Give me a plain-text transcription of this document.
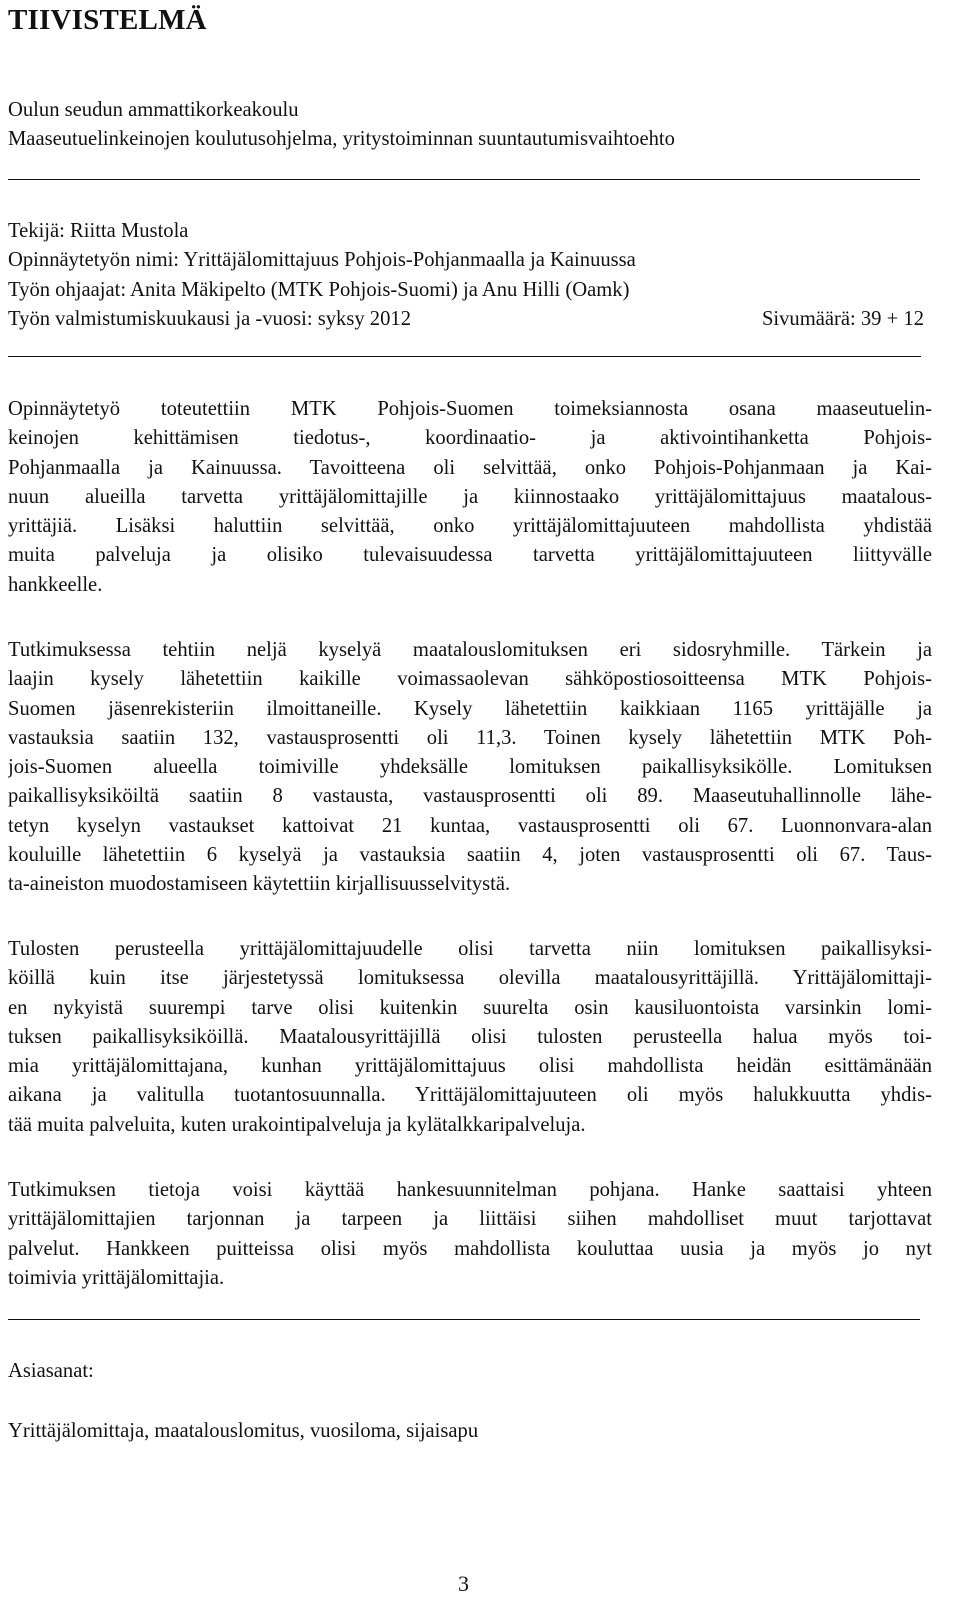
TIIVISTELMÄ
Oulun seudun ammattikorkeakoulu
Maaseutuelinkeinojen koulutusohjelma, yritystoiminnan suuntautumisvaihtoehto
Tekijä: Riitta Mustola
Opinnäytetyön nimi: Yrittäjälomittajuus Pohjois-Pohjanmaalla ja Kainuussa
Työn ohjaajat: Anita Mäkipelto (MTK Pohjois-Suomi) ja Anu Hilli (Oamk)
Työn valmistumiskuukausi ja -vuosi: syksy 2012	Sivumäärä: 39 + 12
Opinnäytetyö toteutettiin MTK Pohjois-Suomen toimeksiannosta osana maaseutuelin-
keinojen kehittämisen tiedotus-, koordinaatio- ja aktivointihanketta Pohjois-
Pohjanmaalla ja Kainuussa. Tavoitteena oli selvittää, onko Pohjois-Pohjanmaan ja Kai-
nuun alueilla tarvetta yrittäjälomittajille ja kiinnostaako yrittäjälomittajuus maatalous-
yrittäjiä. Lisäksi haluttiin selvittää, onko yrittäjälomittajuuteen mahdollista yhdistää
muita palveluja ja olisiko tulevaisuudessa tarvetta yrittäjälomittajuuteen liittyvälle
hankkeelle.
Tutkimuksessa tehtiin neljä kyselyä maatalouslomituksen eri sidosryhmille. Tärkein ja
laajin kysely lähetettiin kaikille voimassaolevan sähköpostiosoitteensa MTK Pohjois-
Suomen jäsenrekisteriin ilmoittaneille. Kysely lähetettiin kaikkiaan 1165 yrittäjälle ja
vastauksia saatiin 132, vastausprosentti oli 11,3. Toinen kysely lähetettiin MTK Poh-
jois-Suomen alueella toimiville yhdeksälle lomituksen paikallisyksikölle. Lomituksen
paikallisyksiköiltä saatiin 8 vastausta, vastausprosentti oli 89. Maaseutuhallinnolle lähe-
tetyn kyselyn vastaukset kattoivat 21 kuntaa, vastausprosentti oli 67. Luonnonvara-alan
kouluille lähetettiin 6 kyselyä ja vastauksia saatiin 4, joten vastausprosentti oli 67. Taus-
ta-aineiston muodostamiseen käytettiin kirjallisuusselvitystä.
Tulosten perusteella yrittäjälomittajuudelle olisi tarvetta niin lomituksen paikallisyksi-
köillä kuin itse järjestetyssä lomituksessa olevilla maatalousyrittäjillä. Yrittäjälomittaji-
en nykyistä suurempi tarve olisi kuitenkin suurelta osin kausiluontoista varsinkin lomi-
tuksen paikallisyksiköillä. Maatalousyrittäjillä olisi tulosten perusteella halua myös toi-
mia yrittäjälomittajana, kunhan yrittäjälomittajuus olisi mahdollista heidän esittämänään
aikana ja valitulla tuotantosuunnalla. Yrittäjälomittajuuteen oli myös halukkuutta yhdis-
tää muita palveluita, kuten urakointipalveluja ja kylätalkkaripalveluja.
Tutkimuksen tietoja voisi käyttää hankesuunnitelman pohjana. Hanke saattaisi yhteen
yrittäjälomittajien tarjonnan ja tarpeen ja liittäisi siihen mahdolliset muut tarjottavat
palvelut. Hankkeen puitteissa olisi myös mahdollista kouluttaa uusia ja myös jo nyt
toimivia yrittäjälomittajia.
Asiasanat:
Yrittäjälomittaja, maatalouslomitus, vuosiloma, sijaisapu
3
